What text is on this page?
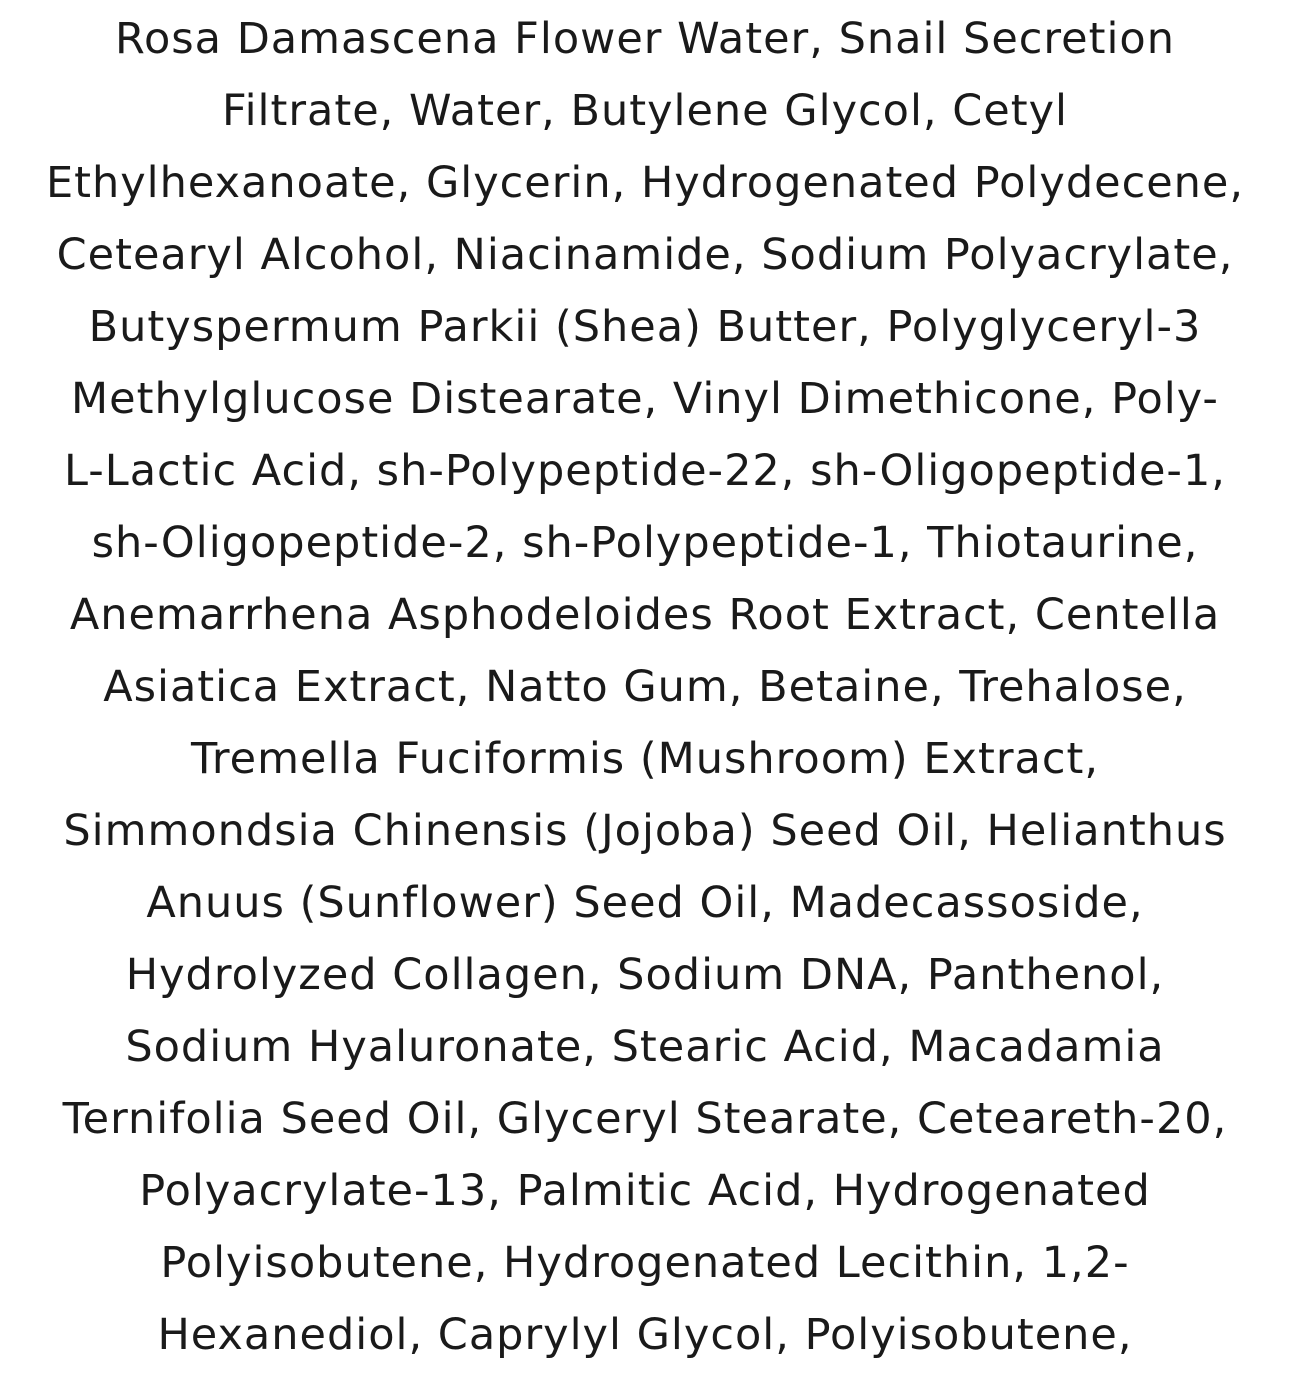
Rosa Damascena Flower Water, Snail Secretion
Filtrate, Water, Butylene Glycol, Cetyl
Ethylhexanoate, Glycerin, Hydrogenated Polydecene,
Cetearyl Alcohol, Niacinamide, Sodium Polyacrylate,
Butyspermum Parkii (Shea) Butter, Polyglyceryl-3
Methylglucose Distearate, Vinyl Dimethicone, Poly-
L-Lactic Acid, sh-Polypeptide-22, sh-Oligopeptide-1,
sh-Oligopeptide-2, sh-Polypeptide-1, Thiotaurine,
Anemarrhena Asphodeloides Root Extract, Centella
Asiatica Extract, Natto Gum, Betaine, Trehalose,
Tremella Fuciformis (Mushroom) Extract,
Simmondsia Chinensis (Jojoba) Seed Oil, Helianthus
Anuus (Sunflower) Seed Oil, Madecassoside,
Hydrolyzed Collagen, Sodium DNA, Panthenol,
Sodium Hyaluronate, Stearic Acid, Macadamia
Ternifolia Seed Oil, Glyceryl Stearate, Ceteareth-20,
Polyacrylate-13, Palmitic Acid, Hydrogenated
Polyisobutene, Hydrogenated Lecithin, 1,2-
Hexanediol, Caprylyl Glycol, Polyisobutene,
